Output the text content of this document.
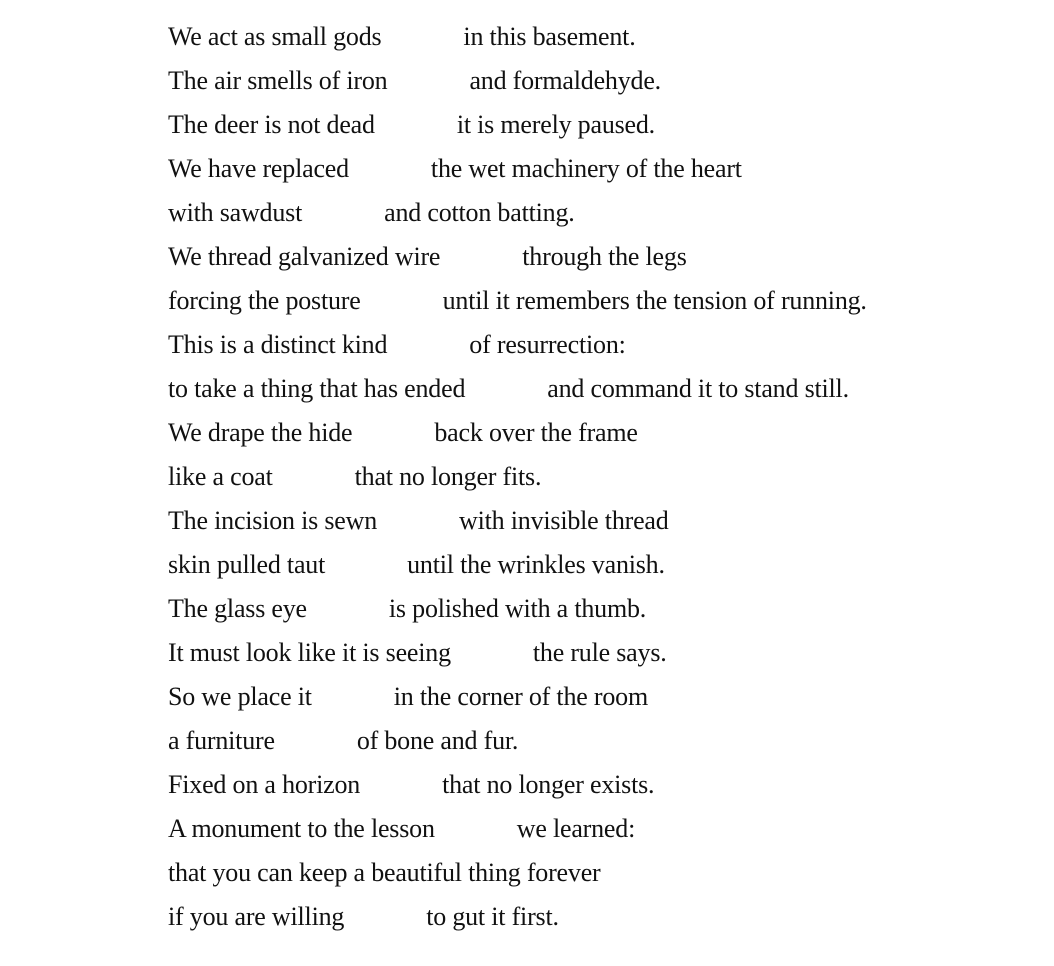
We act as small gods	in this basement.
The air smells of iron	and formaldehyde.
The deer is not dead	it is merely paused.
We have replaced	the wet machinery of the heart
with sawdust	and cotton batting.
We thread galvanized wire	through the legs
forcing the posture	until it remembers the tension of running.
This is a distinct kind	of resurrection:
to take a thing that has ended	and command it to stand still.
We drape the hide	back over the frame
like a coat	that no longer fits.
The incision is sewn	with invisible thread
skin pulled taut	until the wrinkles vanish.
The glass eye	is polished with a thumb.
It must look like it is seeing	the rule says.
So we place it	in the corner of the room
a furniture	of bone and fur.
Fixed on a horizon	that no longer exists.
A monument to the lesson	we learned:
that you can keep a beautiful thing forever
if you are willing	to gut it first.
